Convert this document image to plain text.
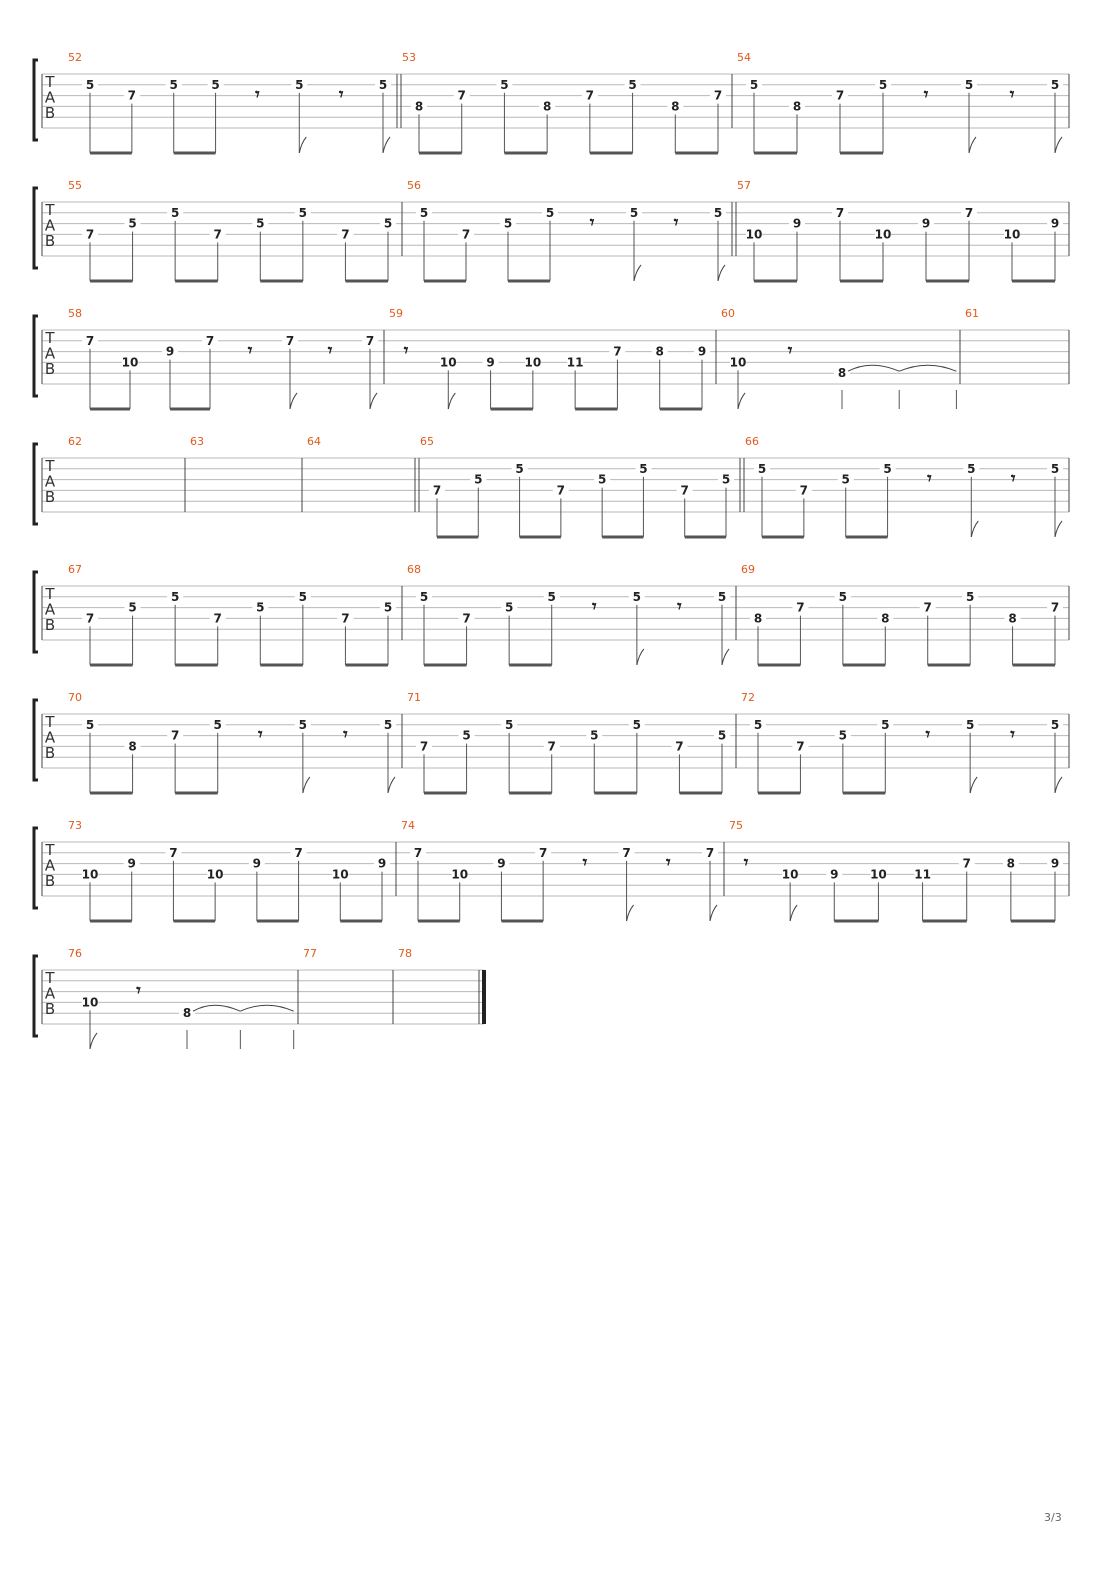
T
A
B
52
5
7
5	5
𝄾
5
𝄾
5
53
8
7
5
8
7
5
8
7
54
5
8
7
5
𝄾
5
𝄾
5
T
A
B
55
7
5
5
7
5
5
7
5
56
5
7
5
5
𝄾
5
𝄾
5
57
10
9
7
10
9
7
10
9
T
A
B
58
7
10
9
7
𝄾
7
𝄾
7
59
𝄾
10 9 10 11
7	8	9
60
10
𝄾
8
61
T
A
B
62	63	64	65
7
5
5
7
5
5
7
5
66
5
7
5
5
𝄾
5
𝄾
5
T
A
B
67
7
5
5
7
5
5
7
5
68
5
7
5
5
𝄾
5
𝄾
5
69
8
7
5
8
7
5
8
7
T
A
B
70
5
8
7
5
𝄾
5
𝄾
5
71
7
5
5
7
5
5
7
5
72
5
7
5
5
𝄾
5
𝄾
5
T
A
B
73
10
9
7
10
9
7
10
9
74
7
10
9
7
𝄾
7
𝄾
7
75
𝄾
10	9	10 11
7	8	9
T
A
B
76
10
𝄾
8
77	78
3/3
